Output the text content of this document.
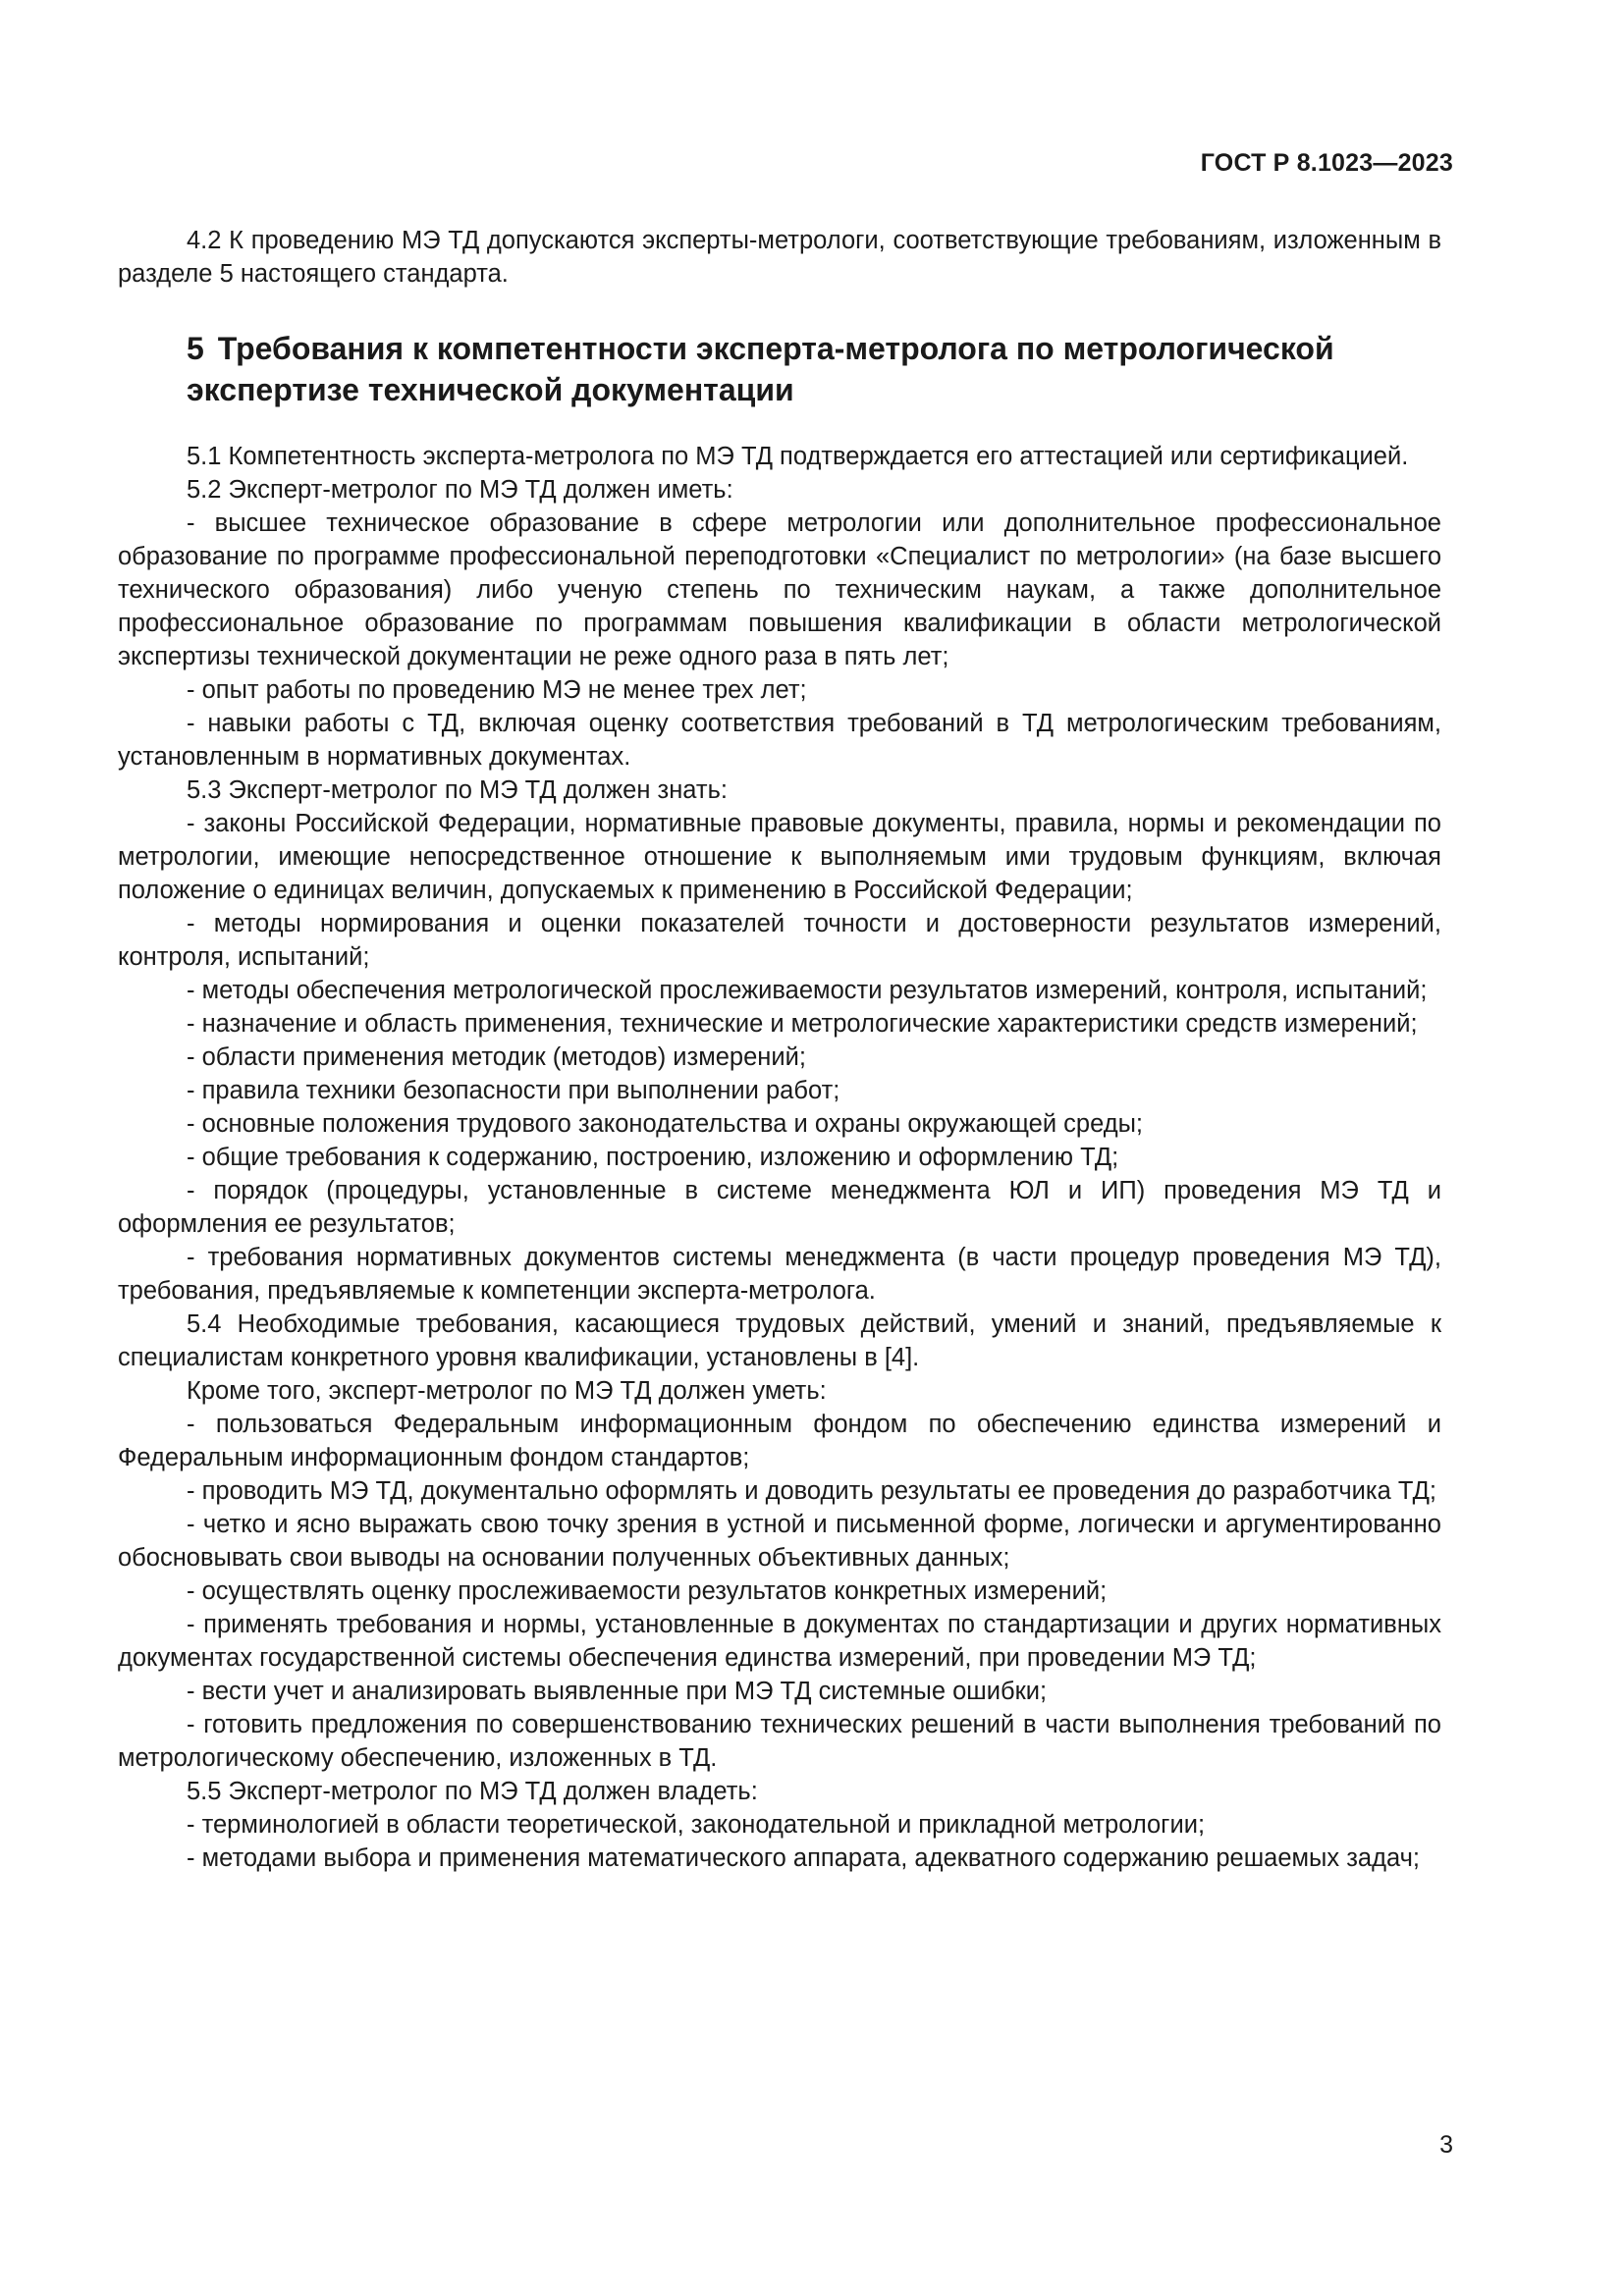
ГОСТ Р 8.1023—2023

4.2 К проведению МЭ ТД допускаются эксперты-метрологи, соответствующие требованиям, изложенным в разделе 5 настоящего стандарта.

5 Требования к компетентности эксперта-метролога по метрологической экспертизе технической документации

5.1 Компетентность эксперта-метролога по МЭ ТД подтверждается его аттестацией или сертификацией.

5.2 Эксперт-метролог по МЭ ТД должен иметь:

- высшее техническое образование в сфере метрологии или дополнительное профессиональное образование по программе профессиональной переподготовки «Специалист по метрологии» (на базе высшего технического образования) либо ученую степень по техническим наукам, а также дополнительное профессиональное образование по программам повышения квалификации в области метрологической экспертизы технической документации не реже одного раза в пять лет;

- опыт работы по проведению МЭ не менее трех лет;

- навыки работы с ТД, включая оценку соответствия требований в ТД метрологическим требованиям, установленным в нормативных документах.

5.3 Эксперт-метролог по МЭ ТД должен знать:

- законы Российской Федерации, нормативные правовые документы, правила, нормы и рекомендации по метрологии, имеющие непосредственное отношение к выполняемым ими трудовым функциям, включая положение о единицах величин, допускаемых к применению в Российской Федерации;

- методы нормирования и оценки показателей точности и достоверности результатов измерений, контроля, испытаний;

- методы обеспечения метрологической прослеживаемости результатов измерений, контроля, испытаний;

- назначение и область применения, технические и метрологические характеристики средств измерений;

- области применения методик (методов) измерений;

- правила техники безопасности при выполнении работ;

- основные положения трудового законодательства и охраны окружающей среды;

- общие требования к содержанию, построению, изложению и оформлению ТД;

- порядок (процедуры, установленные в системе менеджмента ЮЛ и ИП) проведения МЭ ТД и оформления ее результатов;

- требования нормативных документов системы менеджмента (в части процедур проведения МЭ ТД), требования, предъявляемые к компетенции эксперта-метролога.

5.4 Необходимые требования, касающиеся трудовых действий, умений и знаний, предъявляемые к специалистам конкретного уровня квалификации, установлены в [4].

Кроме того, эксперт-метролог по МЭ ТД должен уметь:

- пользоваться Федеральным информационным фондом по обеспечению единства измерений и Федеральным информационным фондом стандартов;

- проводить МЭ ТД, документально оформлять и доводить результаты ее проведения до разработчика ТД;

- четко и ясно выражать свою точку зрения в устной и письменной форме, логически и аргументированно обосновывать свои выводы на основании полученных объективных данных;

- осуществлять оценку прослеживаемости результатов конкретных измерений;

- применять требования и нормы, установленные в документах по стандартизации и других нормативных документах государственной системы обеспечения единства измерений, при проведении МЭ ТД;

- вести учет и анализировать выявленные при МЭ ТД системные ошибки;

- готовить предложения по совершенствованию технических решений в части выполнения требований по метрологическому обеспечению, изложенных в ТД.

5.5 Эксперт-метролог по МЭ ТД должен владеть:

- терминологией в области теоретической, законодательной и прикладной метрологии;

- методами выбора и применения математического аппарата, адекватного содержанию решаемых задач;

3
